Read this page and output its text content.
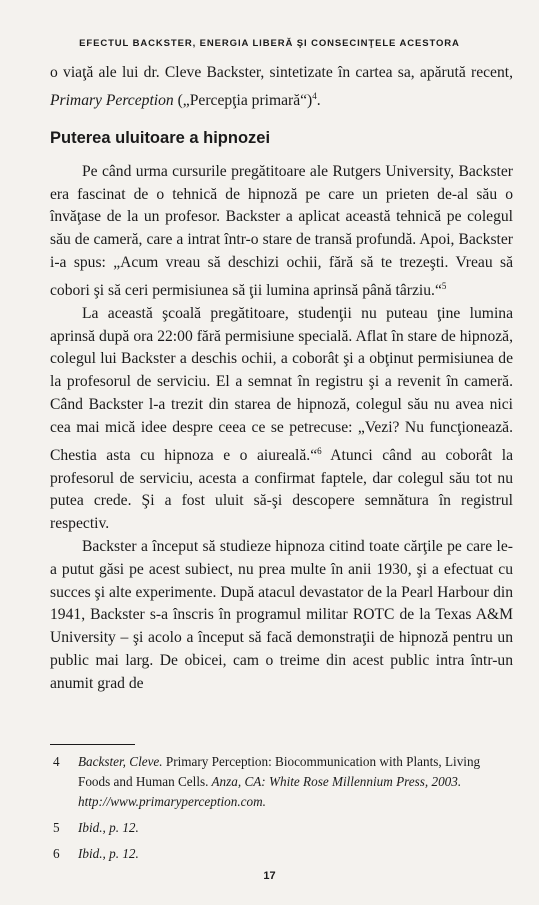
EFECTUL BACKSTER, ENERGIA LIBERĂ ŞI CONSECINŢELE ACESTORA

o viaţă ale lui dr. Cleve Backster, sintetizate în cartea sa, apărută recent, Primary Perception („Percepţia primară“)$^4$.

Puterea uluitoare a hipnozei

Pe când urma cursurile pregătitoare ale Rutgers University, Backster era fascinat de o tehnică de hipnoză pe care un prieten de-al său o învăţase de la un profesor. Backster a aplicat această tehnică pe colegul său de cameră, care a intrat într-o stare de transă profundă. Apoi, Backster i-a spus: „Acum vreau să deschizi ochii, fără să te trezeşti. Vreau să cobori şi să ceri permisiunea să ţii lumina aprinsă până târziu.“$^5$

La această şcoală pregătitoare, studenţii nu puteau ţine lumina aprinsă după ora 22:00 fără permisiune specială. Aflat în stare de hipnoză, colegul lui Backster a deschis ochii, a coborât şi a obţinut permisiunea de la profesorul de serviciu. El a semnat în registru şi a revenit în cameră. Când Backster l-a trezit din starea de hipnoză, colegul său nu avea nici cea mai mică idee despre ceea ce se petrecuse: „Vezi? Nu funcţionează. Chestia asta cu hipnoza e o aiureală.“$^6$ Atunci când au coborât la profesorul de serviciu, acesta a confirmat faptele, dar colegul său tot nu putea crede. Şi a fost uluit să-şi descopere semnătura în registrul respectiv.

Backster a început să studieze hipnoza citind toate cărţile pe care le-a putut găsi pe acest subiect, nu prea multe în anii 1930, şi a efectuat cu succes şi alte experimente. După atacul devastator de la Pearl Harbour din 1941, Backster s-a înscris în programul militar ROTC de la Texas A&M University – şi acolo a început să facă demonstraţii de hipnoză pentru un public mai larg. De obicei, cam o treime din acest public intra într-un anumit grad de

4	Backster, Cleve. Primary Perception: Biocommunication with Plants, Living Foods and Human Cells. Anza, CA: White Rose Millennium Press, 2003. http://www.primaryperception.com.
5	Ibid., p. 12.
6	Ibid., p. 12.
17
